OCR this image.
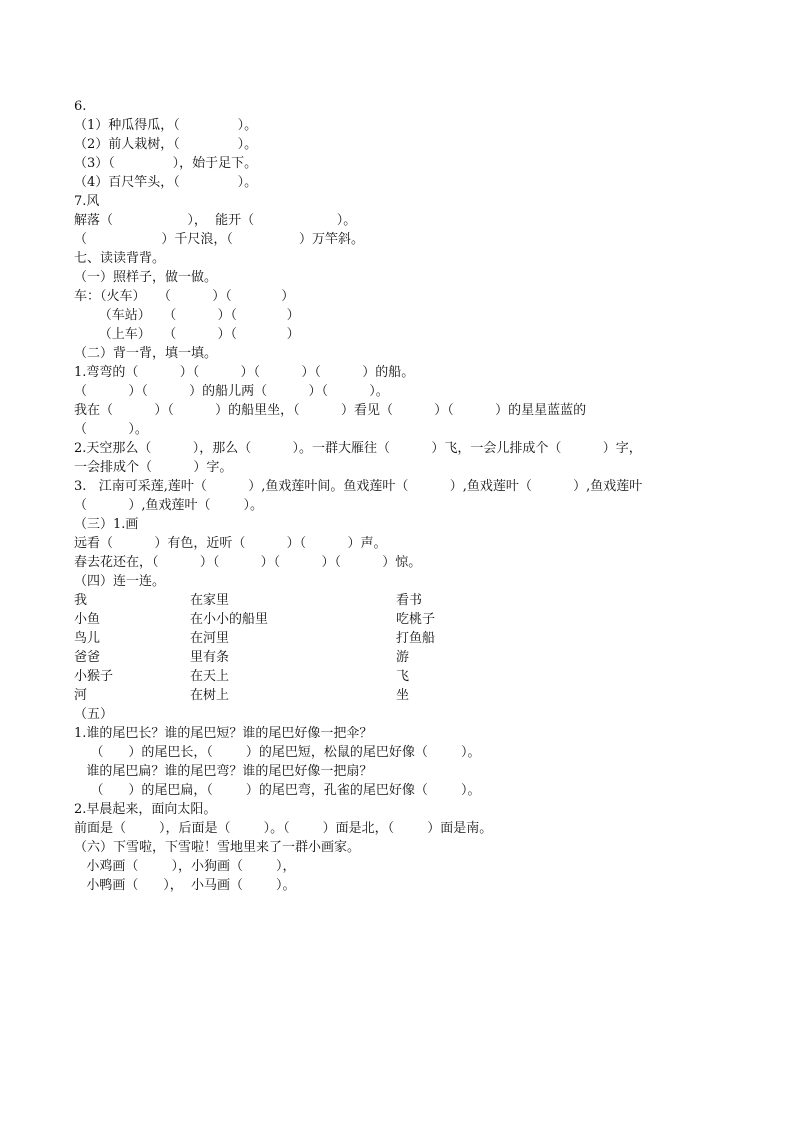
6.
（1）种瓜得瓜，（              ）。
（2）前人栽树，（              ）。
（3）（              ），始于足下。
（4）百尺竿头，（              ）。
7.风
解落（                  ），  能开（                    ）。
（                  ）千尺浪，（                ）万竿斜。
七、读读背背。
（一）照样子，做一做。
车：（火车）   （          ）（            ）
（车站）   （          ）（            ）
（上车）   （          ）（            ）
（二）背一背，填一填。
1.弯弯的（          ）（          ）（          ）（          ）的船。
（          ）（          ）的船儿两（          ）（          ）。
我在（          ）（          ）的船里坐，（          ）看见（          ）（          ）的星星蓝蓝的
（          ）。
2.天空那么（          ），那么（          ）。一群大雁往（          ）飞，一会儿排成个（          ）字，
一会排成个（          ）字。
3.   江南可采莲,莲叶（          ）,鱼戏莲叶间。鱼戏莲叶（          ）,鱼戏莲叶（          ）,鱼戏莲叶
（          ）,鱼戏莲叶（        ）。
（三）1.画
远看（          ）有色，近听（          ）（          ）声。
春去花还在，（          ）（          ）（          ）（          ）惊。
（四）连一连。
我	在家里	看书
小鱼	在小小的船里	吃桃子
鸟儿	在河里	打鱼船
爸爸	里有条	游
小猴子	在天上	飞
河	在树上	坐
（五）
1.谁的尾巴长？谁的尾巴短？谁的尾巴好像一把伞？
（      ）的尾巴长，（        ）的尾巴短，松鼠的尾巴好像（        ）。
谁的尾巴扁？谁的尾巴弯？谁的尾巴好像一把扇？
（      ）的尾巴扁，（        ）的尾巴弯，孔雀的尾巴好像（        ）。
2.早晨起来，面向太阳。
前面是（        ），后面是（        ）。（        ）面是北，（        ）面是南。
（六）下雪啦，下雪啦！雪地里来了一群小画家。
小鸡画（        ），小狗画（        ），
小鸭画（      ），  小马画（        ）。
